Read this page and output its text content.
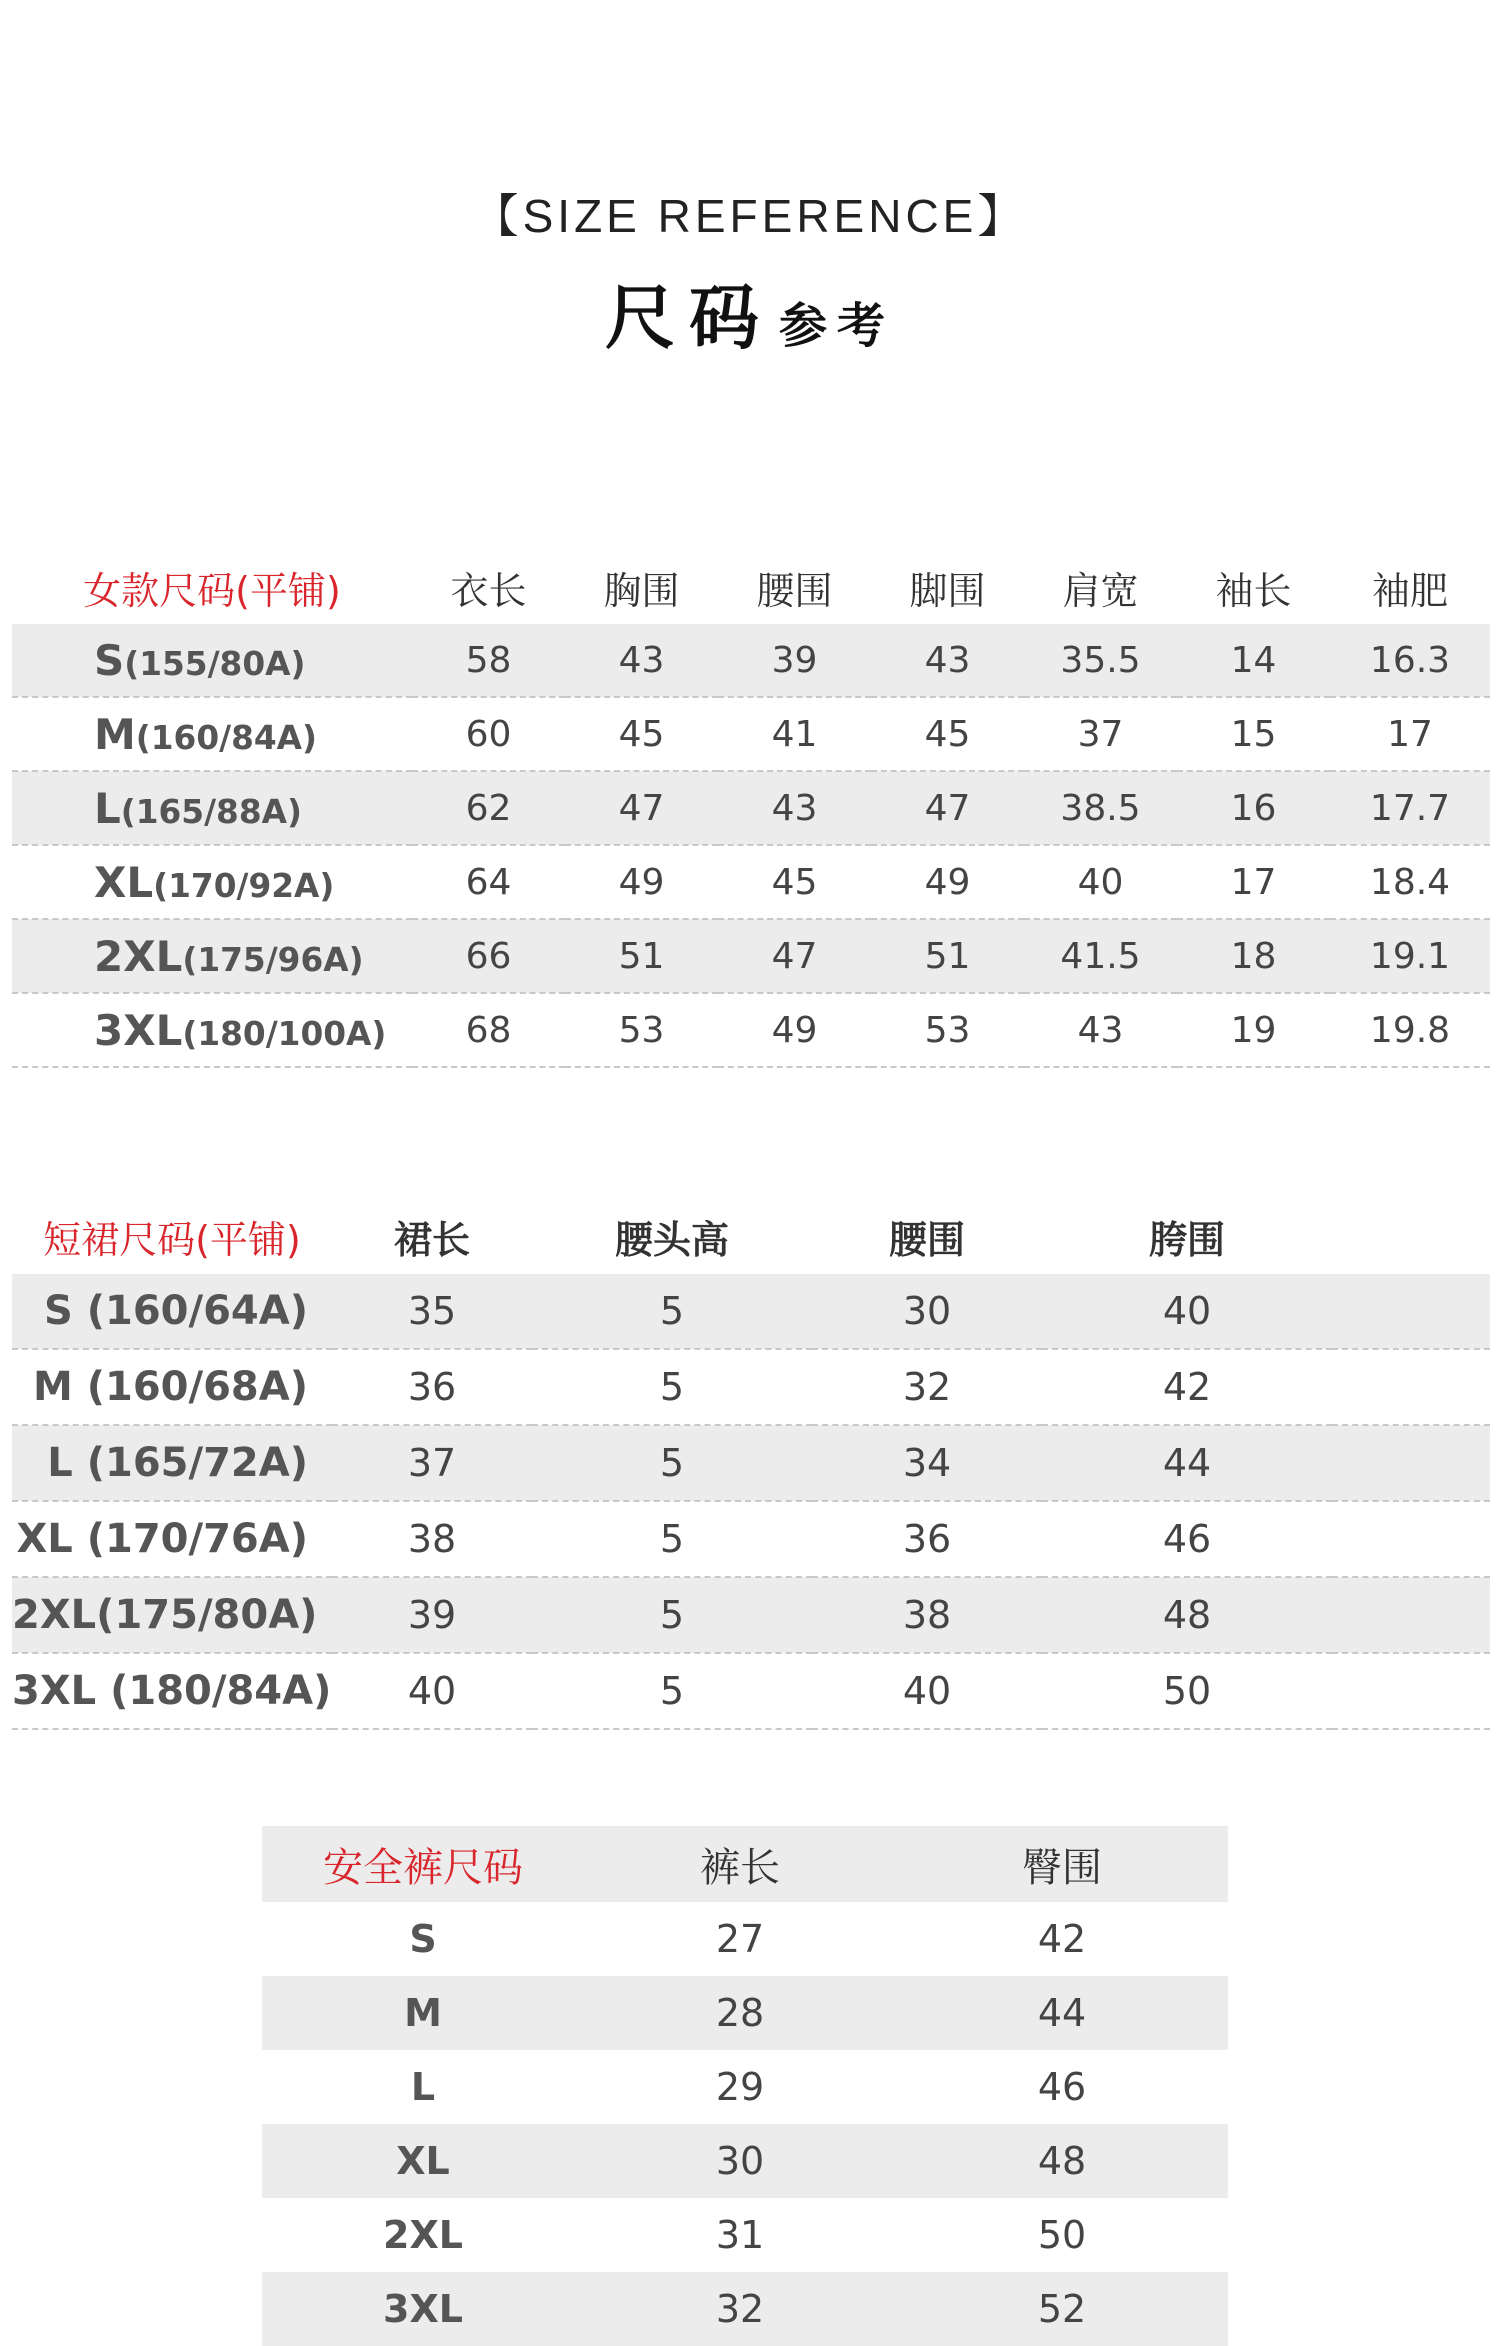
【SIZE REFERENCE】
尺码 参考
女款尺码(平铺)	衣长	胸围	腰围	脚围	肩宽	袖长	袖肥
S(155/80A)	58	43	39	43	35.5	14	16.3
M(160/84A)	60	45	41	45	37	15	17
L(165/88A)	62	47	43	47	38.5	16	17.7
XL(170/92A)	64	49	45	49	40	17	18.4
2XL(175/96A)	66	51	47	51	41.5	18	19.1
3XL(180/100A)	68	53	49	53	43	19	19.8
短裙尺码(平铺)	裙长	腰头高	腰围	胯围	
S (160/64A)	35	5	30	40	
M (160/68A)	36	5	32	42	
L (165/72A)	37	5	34	44	
XL (170/76A)	38	5	36	46	
2XL(175/80A)	39	5	38	48	
3XL (180/84A)	40	5	40	50	
安全裤尺码	裤长	臀围
S	27	42
M	28	44
L	29	46
XL	30	48
2XL	31	50
3XL	32	52
